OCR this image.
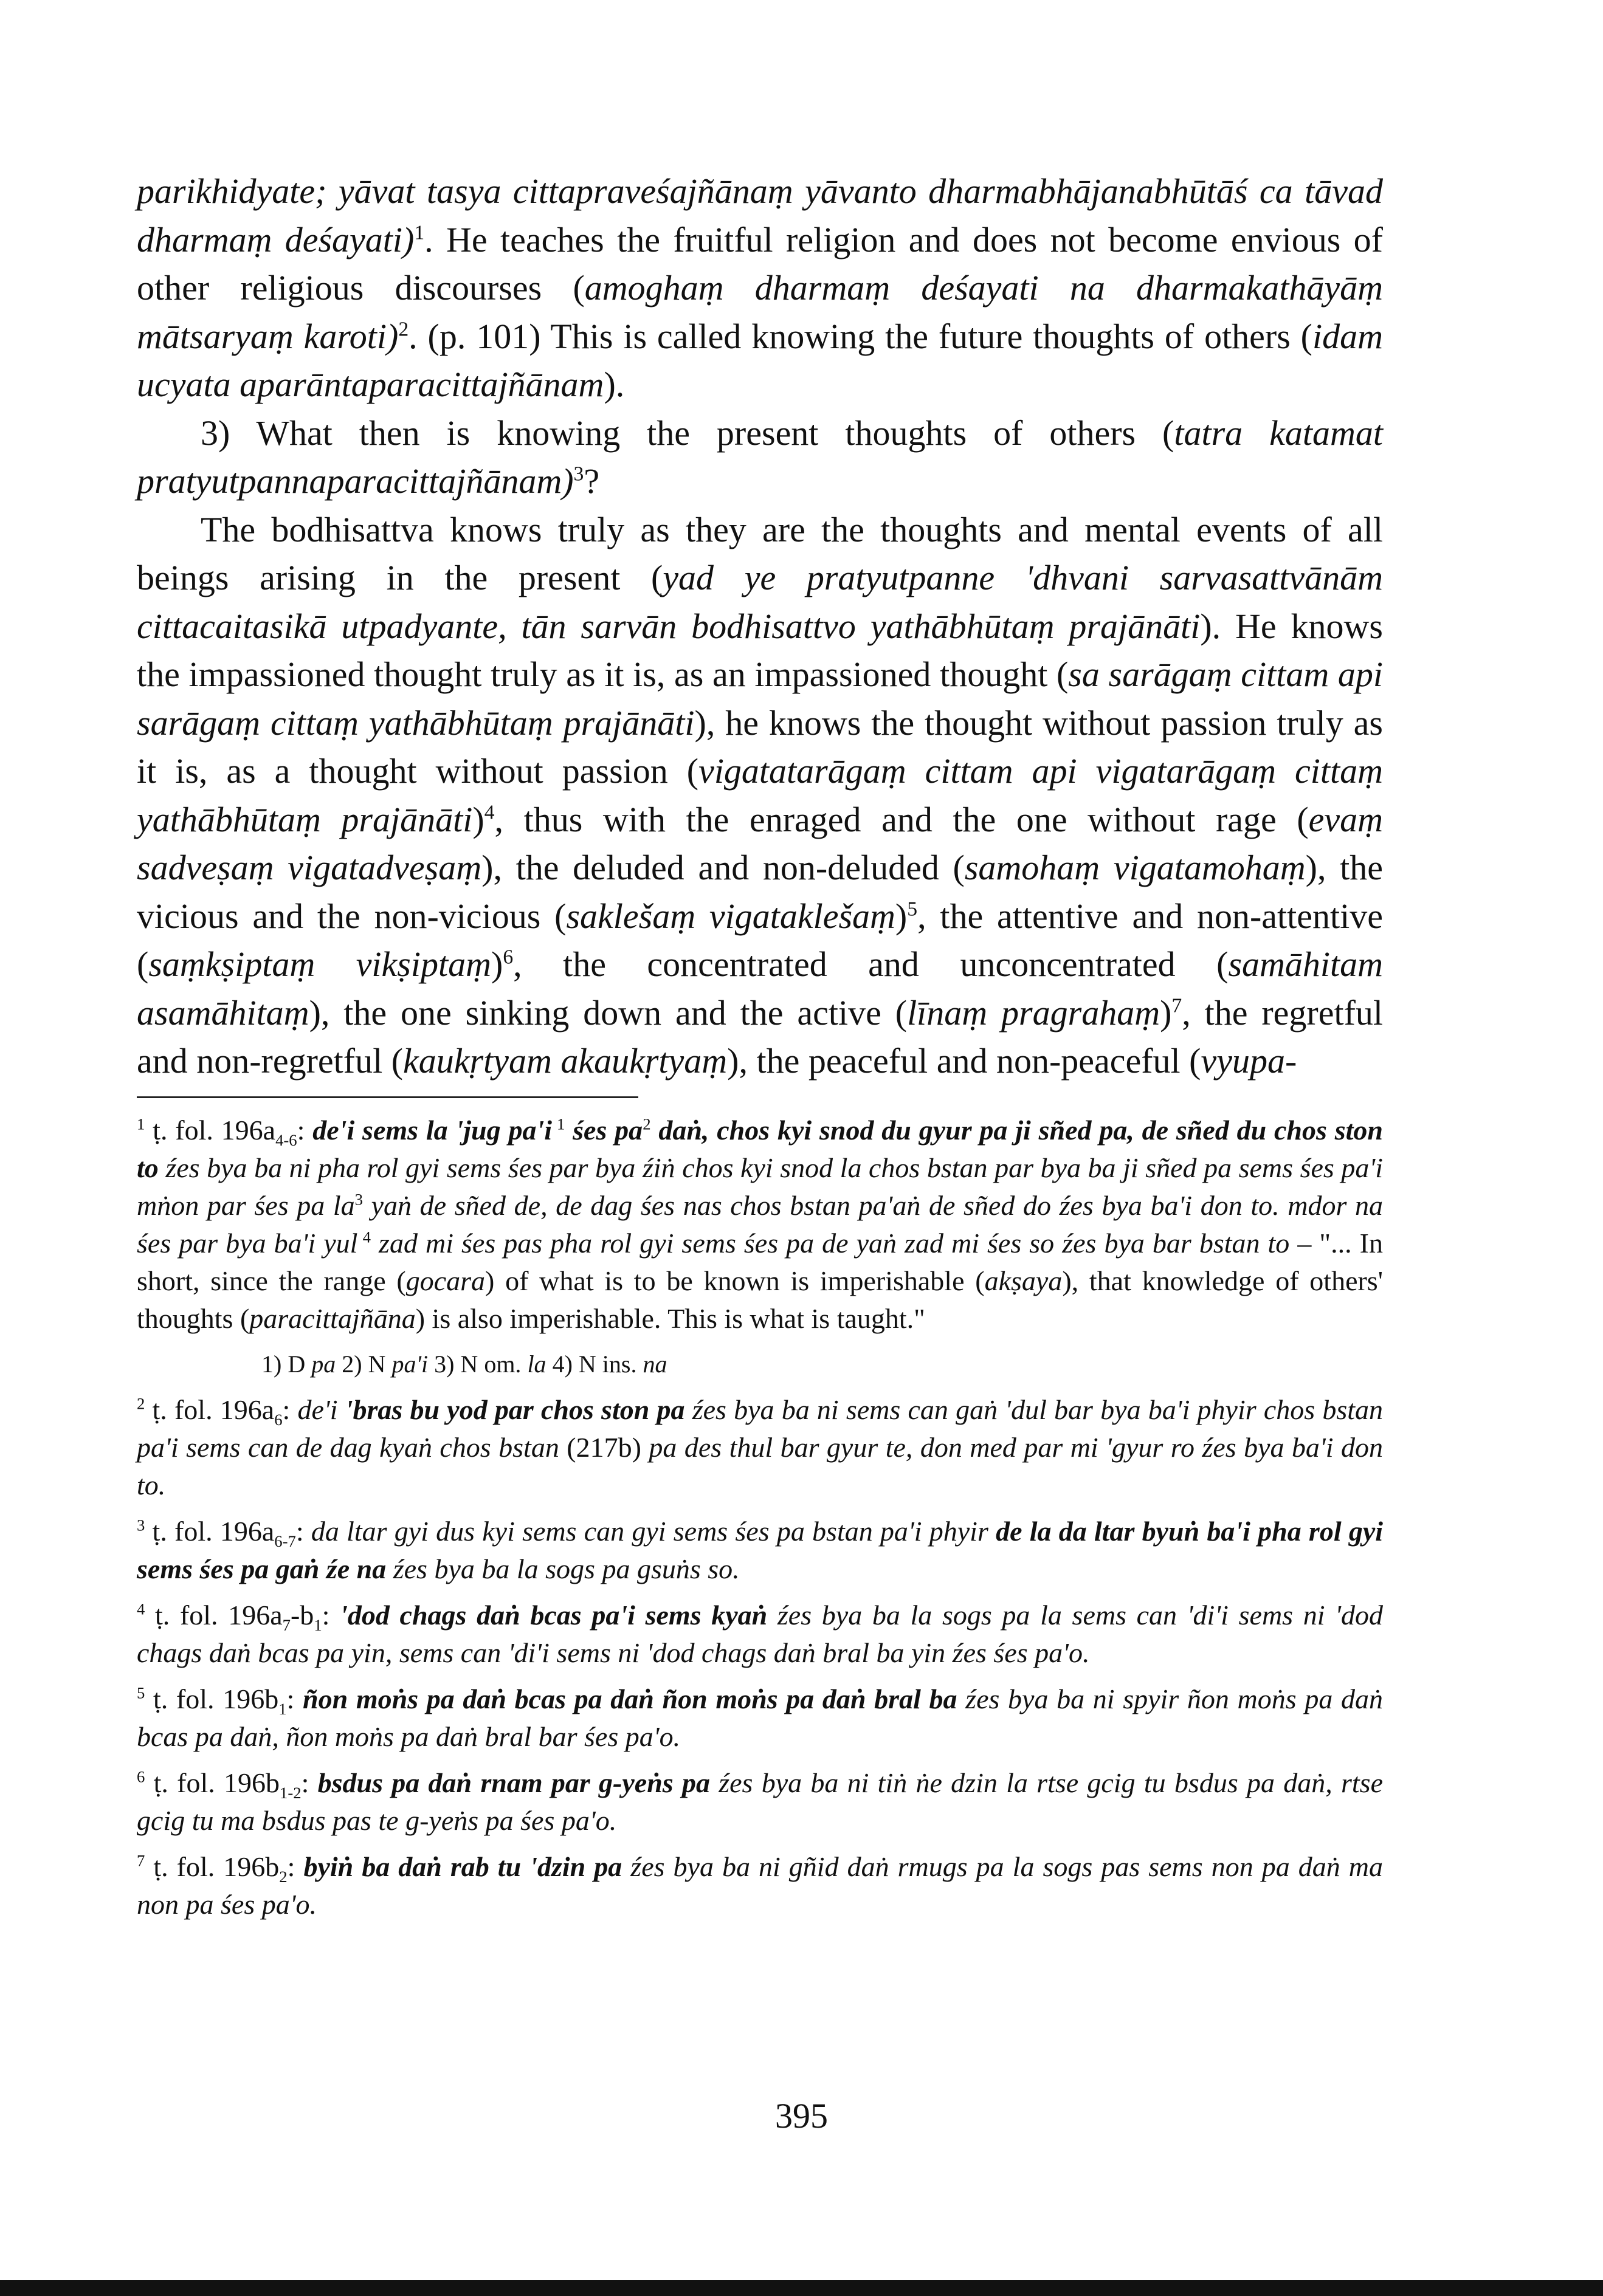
parikhidyate; yāvat tasya cittapraveśajñānaṃ yāvanto dharmabhājanabhūtāś ca tāvad dharmaṃ deśayati)$^1$. He teaches the fruitful religion and does not become envious of other religious discourses (amoghaṃ dharmaṃ deśayati na dharmakathāyāṃ mātsaryaṃ karoti)$^2$. (p. 101) This is called knowing the future thoughts of others (idam ucyata aparāntaparacittajñānam).

3) What then is knowing the present thoughts of others (tatra katamat pratyutpannaparacittajñānam)$^3$?

The bodhisattva knows truly as they are the thoughts and mental events of all beings arising in the present (yad ye pratyutpanne 'dhvani sarvasattvānām cittacaitasikā utpadyante, tān sarvān bodhisattvo yathābhūtaṃ prajānāti). He knows the impassioned thought truly as it is, as an impassioned thought (sa sarāgaṃ cittam api sarāgaṃ cittaṃ yathābhūtaṃ prajānāti), he knows the thought without passion truly as it is, as a thought without passion (vigatatarāgaṃ cittam api vigatarāgaṃ cittaṃ yathābhūtaṃ prajānāti)$^4$, thus with the enraged and the one without rage (evaṃ sadveṣaṃ vigatadveṣaṃ), the deluded and non-deluded (samohaṃ vigatamohaṃ), the vicious and the non-vicious (saklešaṃ vigataklešaṃ)$^5$, the attentive and non-attentive (saṃkṣiptaṃ vikṣiptaṃ)$^6$, the concentrated and unconcentrated (samāhitam asamāhitaṃ), the one sinking down and the active (līnaṃ pragrahaṃ)$^7$, the regretful and non-regretful (kaukṛtyam akaukṛtyaṃ), the peaceful and non-peaceful (vyupa-

$^1$ ṭ. fol. $196a_{4-6}$: de'i sems la 'jug pa'i $^1$ śes $pa^2$ daṅ, chos kyi snod du gyur pa ji sñed pa, de sñed du chos ston to źes bya ba ni pha rol gyi sems śes par bya źiṅ chos kyi snod la chos bstan par bya ba ji sñed pa sems śes pa'i mṅon par śes pa $la^3$ yaṅ de sñed de, de dag śes nas chos bstan pa'aṅ de sñed do źes bya ba'i don to. mdor na śes par bya ba'i yul $^4$ zad mi śes pas pha rol gyi sems śes pa de yaṅ zad mi śes so źes bya bar bstan to – "... In short, since the range (gocara) of what is to be known is imperishable (akṣaya), that knowledge of others' thoughts (paracittajñāna) is also imperishable. This is what is taught."

1) D pa 2) N pa'i 3) N om. la 4) N ins. na

$^2$ ṭ. fol. $196a_6$: de'i 'bras bu yod par chos ston pa źes bya ba ni sems can gaṅ 'dul bar bya ba'i phyir chos bstan pa'i sems can de dag kyaṅ chos bstan (217b) pa des thul bar gyur te, don med par mi 'gyur ro źes bya ba'i don to.

$^3$ ṭ. fol. $196a_{6-7}$: da ltar gyi dus kyi sems can gyi sems śes pa bstan pa'i phyir de la da ltar byuṅ ba'i pha rol gyi sems śes pa gaṅ źe na źes bya ba la sogs pa gsuṅs so.

$^4$ ṭ. fol. $196a_7-b_1$: 'dod chags daṅ bcas pa'i sems kyaṅ źes bya ba la sogs pa la sems can 'di'i sems ni 'dod chags daṅ bcas pa yin, sems can 'di'i sems ni 'dod chags daṅ bral ba yin źes śes pa'o.

$^5$ ṭ. fol. $196b_1$: ñon moṅs pa daṅ bcas pa daṅ ñon moṅs pa daṅ bral ba źes bya ba ni spyir ñon moṅs pa daṅ bcas pa daṅ, ñon moṅs pa daṅ bral bar śes pa'o.

$^6$ ṭ. fol. $196b_{1-2}$: bsdus pa daṅ rnam par g-yeṅs pa źes bya ba ni tiṅ ṅe dzin la rtse gcig tu bsdus pa daṅ, rtse gcig tu ma bsdus pas te g-yeṅs pa śes pa'o.

$^7$ ṭ. fol. $196b_2$: byiṅ ba daṅ rab tu 'dzin pa źes bya ba ni gñid daṅ rmugs pa la sogs pas sems non pa daṅ ma non pa śes pa'o.

395
